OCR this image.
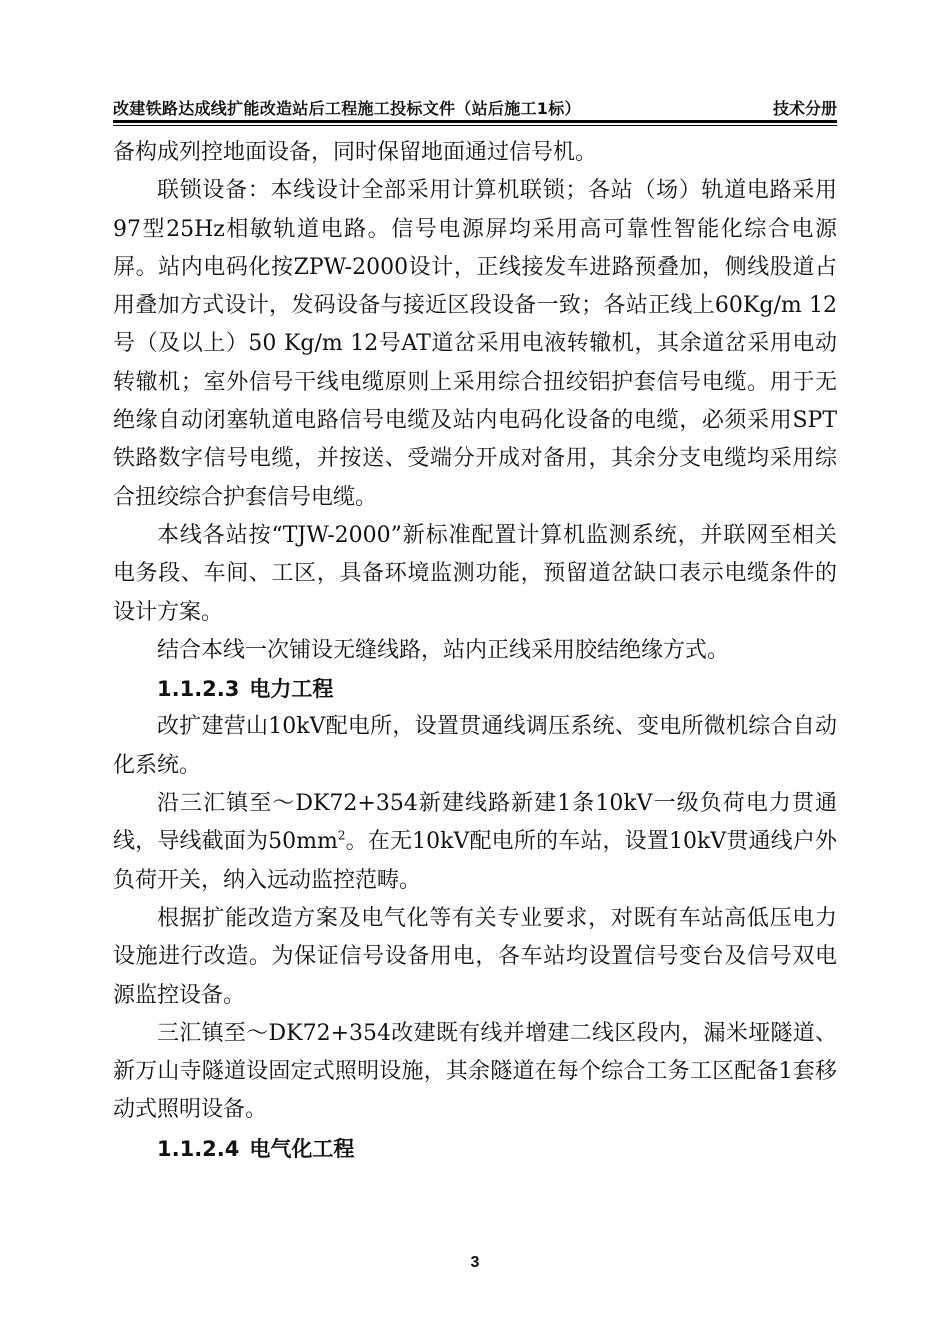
改建铁路达成线扩能改造站后工程施工投标文件（站后施工1标）	技术分册

备构成列控地面设备，同时保留地面通过信号机。

联锁设备：本线设计全部采用计算机联锁；各站（场）轨道电路采用97型25Hz相敏轨道电路。信号电源屏均采用高可靠性智能化综合电源屏。站内电码化按ZPW-2000设计，正线接发车进路预叠加，侧线股道占用叠加方式设计，发码设备与接近区段设备一致；各站正线上60Kg/m 12号（及以上）50 Kg/m 12号AT道岔采用电液转辙机，其余道岔采用电动转辙机；室外信号干线电缆原则上采用综合扭绞铝护套信号电缆。用于无绝缘自动闭塞轨道电路信号电缆及站内电码化设备的电缆，必须采用SPT铁路数字信号电缆，并按送、受端分开成对备用，其余分支电缆均采用综合扭绞综合护套信号电缆。

本线各站按“TJW-2000”新标准配置计算机监测系统，并联网至相关电务段、车间、工区，具备环境监测功能，预留道岔缺口表示电缆条件的设计方案。

结合本线一次铺设无缝线路，站内正线采用胶结绝缘方式。

1.1.2.3 电力工程

改扩建营山10kV配电所，设置贯通线调压系统、变电所微机综合自动化系统。

沿三汇镇至～DK72+354新建线路新建1条10kV一级负荷电力贯通线，导线截面为$50mm^2$。在无10kV配电所的车站，设置10kV贯通线户外负荷开关，纳入远动监控范畴。

根据扩能改造方案及电气化等有关专业要求，对既有车站高低压电力设施进行改造。为保证信号设备用电，各车站均设置信号变台及信号双电源监控设备。

三汇镇至～DK72+354改建既有线并增建二线区段内，漏米垭隧道、新万山寺隧道设固定式照明设施，其余隧道在每个综合工务工区配备1套移动式照明设备。

1.1.2.4 电气化工程

3
